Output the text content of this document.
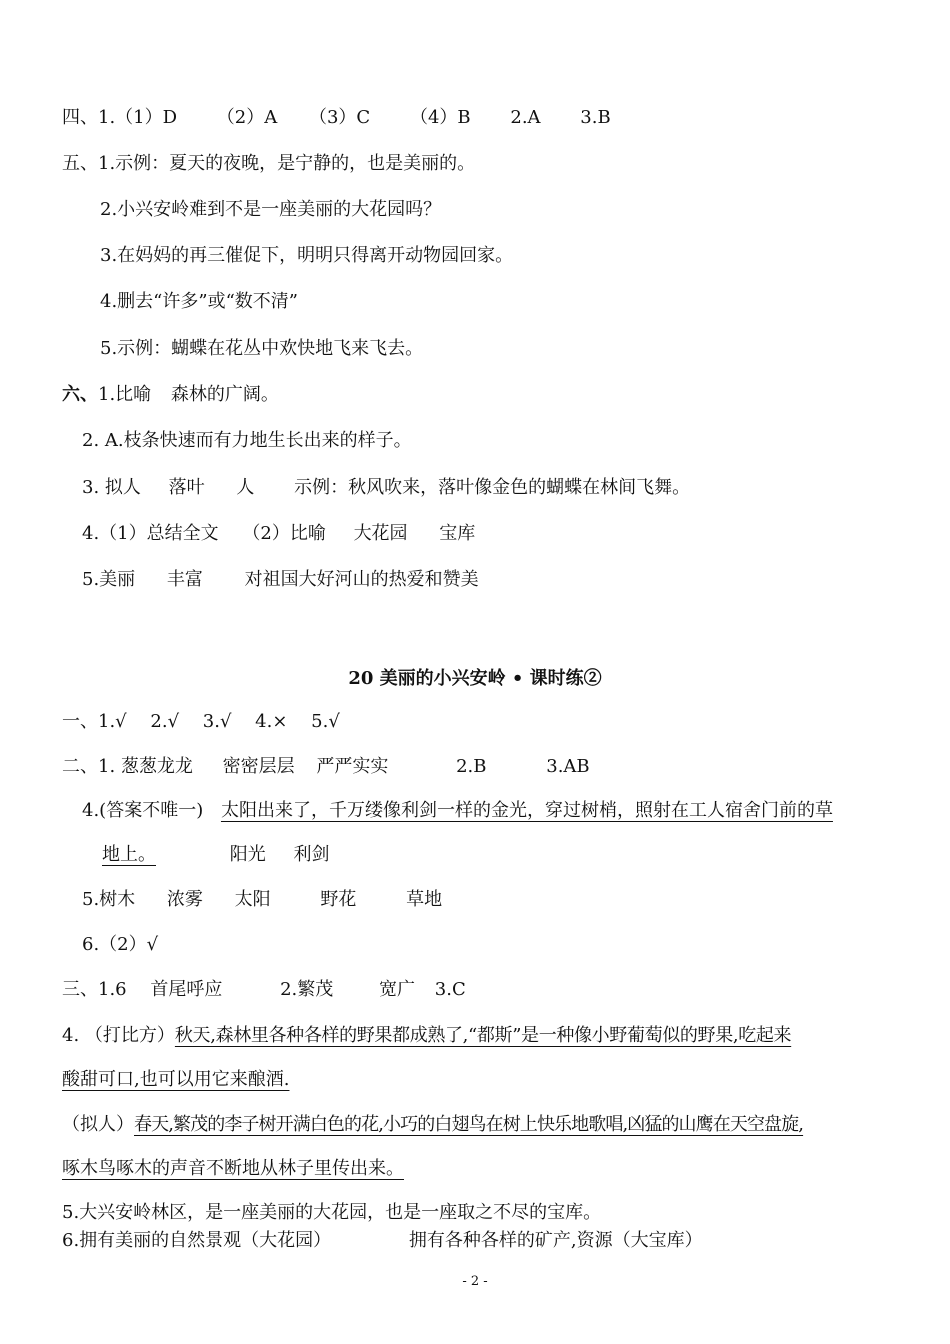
四、1.（1）D （2）A （3）C （4）B 2.A 3.B
五、1.示例：夏天的夜晚，是宁静的，也是美丽的。
2.小兴安岭难到不是一座美丽的大花园吗？
3.在妈妈的再三催促下，明明只得离开动物园回家。
4.删去“许多”或“数不清”
5.示例：蝴蝶在花丛中欢快地飞来飞去。
六、1.比喻 森林的广阔。
2. A.枝条快速而有力地生长出来的样子。
3. 拟人 落叶 人 示例：秋风吹来，落叶像金色的蝴蝶在林间飞舞。
4.（1）总结全文 （2）比喻 大花园 宝库
5.美丽 丰富 对祖国大好河山的热爱和赞美
20 美丽的小兴安岭 • 课时练②
一、1.√ 2.√ 3.√ 4.× 5.√
二、1. 葱葱龙龙 密密层层 严严实实	2.B	3.AB
4.(答案不唯一) 太阳出来了，千万缕像利剑一样的金光，穿过树梢，照射在工人宿舍门前的草
地上。	阳光 利剑
5.树木 浓雾 太阳	野花	草地
6.（2）√
三、1.6 首尾呼应	2.繁茂	宽广 3.C
4. （打比方）秋天,森林里各种各样的野果都成熟了,“都斯”是一种像小野葡萄似的野果,吃起来
酸甜可口,也可以用它来酿酒.
（拟人）春天,繁茂的李子树开满白色的花,小巧的白翅鸟在树上快乐地歌唱,凶猛的山鹰在天空盘旋,
啄木鸟啄木的声音不断地从林子里传出来。
5.大兴安岭林区，是一座美丽的大花园，也是一座取之不尽的宝库。
6.拥有美丽的自然景观（大花园）	拥有各种各样的矿产,资源（大宝库）
- 2 -
